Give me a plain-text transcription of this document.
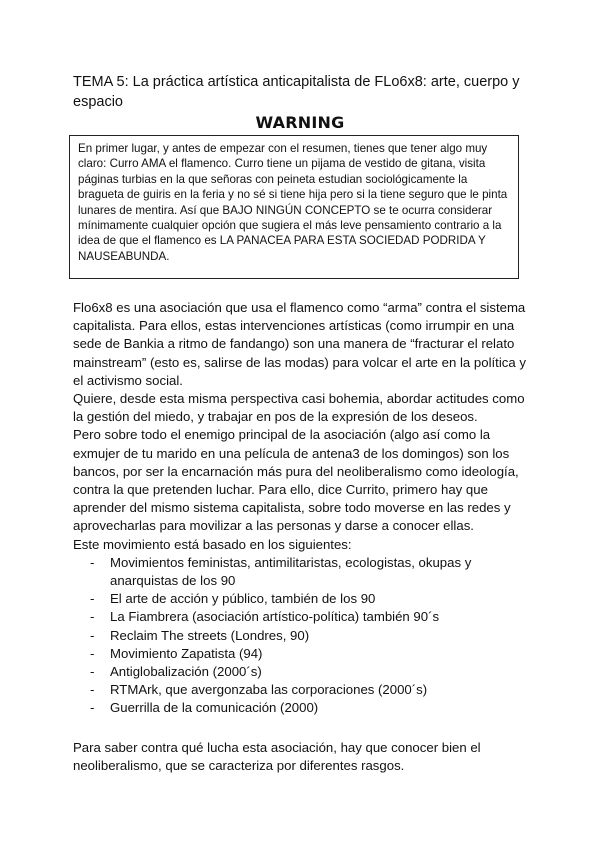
TEMA 5: La práctica artística anticapitalista de FLo6x8: arte, cuerpo y espacio
WARNING
En primer lugar, y antes de empezar con el resumen, tienes que tener algo muy claro: Curro AMA el flamenco. Curro tiene un pijama de vestido de gitana, visita páginas turbias en la que señoras con peineta estudian sociológicamente la bragueta de guiris en la feria y no sé si tiene hija pero si la tiene seguro que le pinta lunares de mentira. Así que BAJO NINGÚN CONCEPTO se te ocurra considerar mínimamente cualquier opción que sugiera el más leve pensamiento contrario a la idea de que el flamenco es LA PANACEA PARA ESTA SOCIEDAD PODRIDA Y NAUSEABUNDA.

Flo6x8 es una asociación que usa el flamenco como “arma” contra el sistema capitalista. Para ellos, estas intervenciones artísticas (como irrumpir en una sede de Bankia a ritmo de fandango) son una manera de “fracturar el relato mainstream” (esto es, salirse de las modas) para volcar el arte en la política y el activismo social.

Quiere, desde esta misma perspectiva casi bohemia, abordar actitudes como la gestión del miedo, y trabajar en pos de la expresión de los deseos.

Pero sobre todo el enemigo principal de la asociación (algo así como la exmujer de tu marido en una película de antena3 de los domingos) son los bancos, por ser la encarnación más pura del neoliberalismo como ideología, contra la que pretenden luchar. Para ello, dice Currito, primero hay que aprender del mismo sistema capitalista, sobre todo moverse en las redes y aprovecharlas para movilizar a las personas y darse a conocer ellas.

Este movimiento está basado en los siguientes:

- Movimientos feministas, antimilitaristas, ecologistas, okupas y anarquistas de los 90
- El arte de acción y público, también de los 90
- La Fiambrera (asociación artístico-política) también 90´s
- Reclaim The streets (Londres, 90)
- Movimiento Zapatista (94)
- Antiglobalización (2000´s)
- RTMArk, que avergonzaba las corporaciones (2000´s)
- Guerrilla de la comunicación (2000)

Para saber contra qué lucha esta asociación, hay que conocer bien el neoliberalismo, que se caracteriza por diferentes rasgos.
